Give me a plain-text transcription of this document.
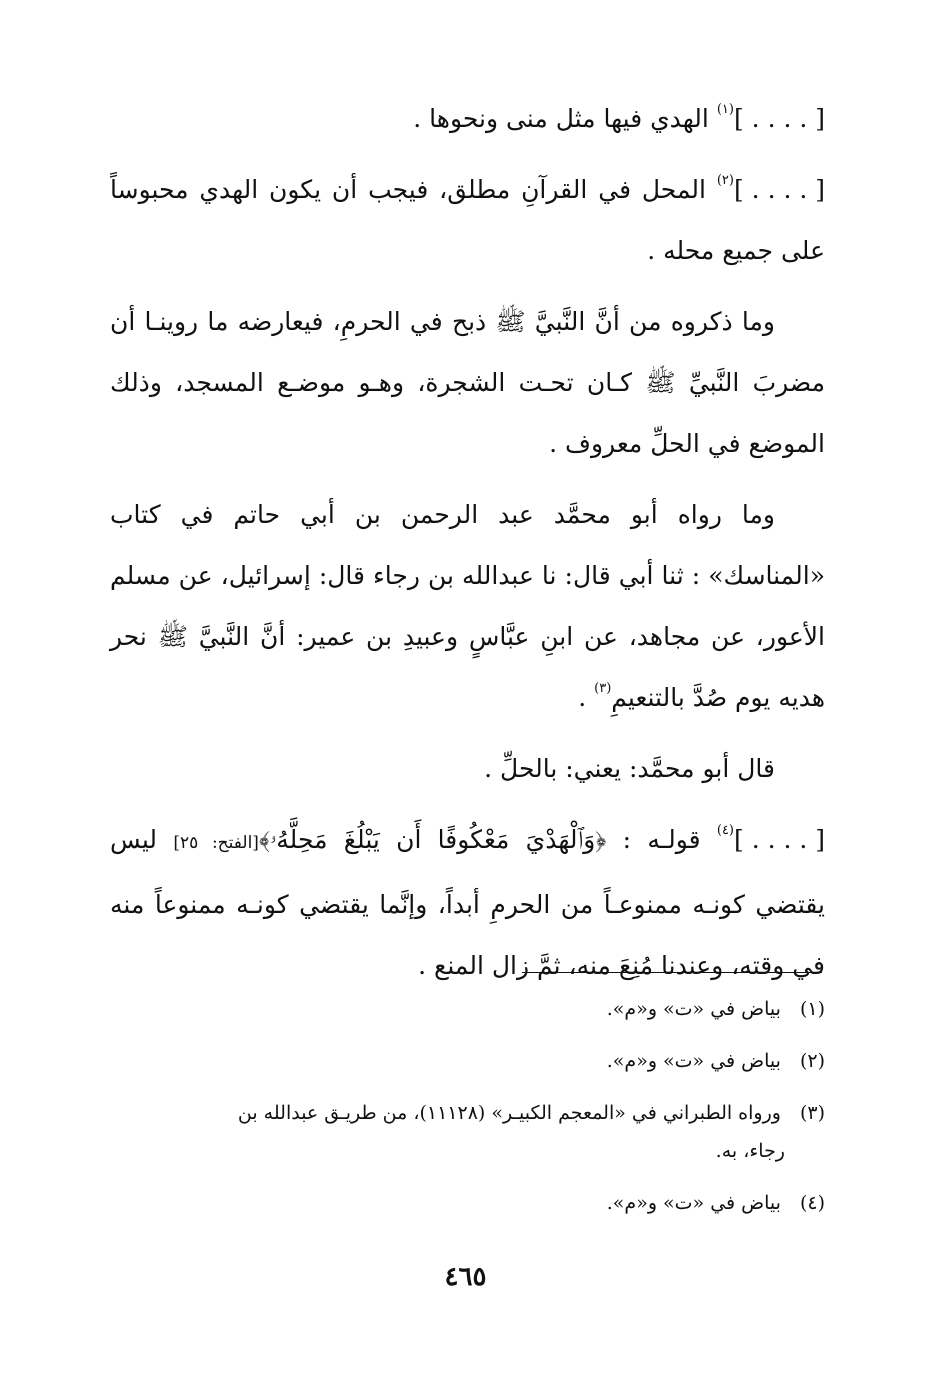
[ . . . . ]$^{(١)}$ الهدي فيها مثل منى ونحوها .

[ . . . . ]$^{(٢)}$ المحل في القرآنِ مطلق، فيجب أن يكون الهدي محبوساً على جميع محله .

وما ذكروه من أنَّ النَّبيَّ ﷺ ذبح في الحرمِ، فيعارضه ما روينـا أن مضربَ النَّبيِّ ﷺ كـان تحـت الشجرة، وهـو موضـع المسجد، وذلك الموضع في الحلِّ معروف .

وما رواه أبو محمَّد عبد الرحمن بن أبي حاتم في كتاب «المناسك» : ثنا أبي قال: نا عبدالله بن رجاء قال: إسرائيل، عن مسلم الأعور، عن مجاهد، عن ابنِ عبَّاسٍ وعبيدِ بن عمير: أنَّ النَّبيَّ ﷺ نحر هديه يوم صُدَّ بالتنعيمِ$^{(٣)}$ .

قال أبو محمَّد: يعني: بالحلِّ .

[ . . . . ]$^{(٤)}$ قولـه : ﴿وَٱلْهَدْيَ مَعْكُوفًا أَن يَبْلُغَ مَحِلَّهُۥ﴾[الفتح: ٢٥] ليس يقتضي كونـه ممنوعـاً من الحرمِ أبداً، وإنَّما يقتضي كونـه ممنوعاً منه في وقته، وعندنا مُنِعَ منه، ثمَّ زال المنع .

(١) بياض في «ت» و«م».
(٢) بياض في «ت» و«م».
(٣) ورواه الطبراني في «المعجم الكبيـر» (١١١٢٨)، من طريـق عبدالله بن
رجاء، به.
(٤) بياض في «ت» و«م».
٤٦٥
